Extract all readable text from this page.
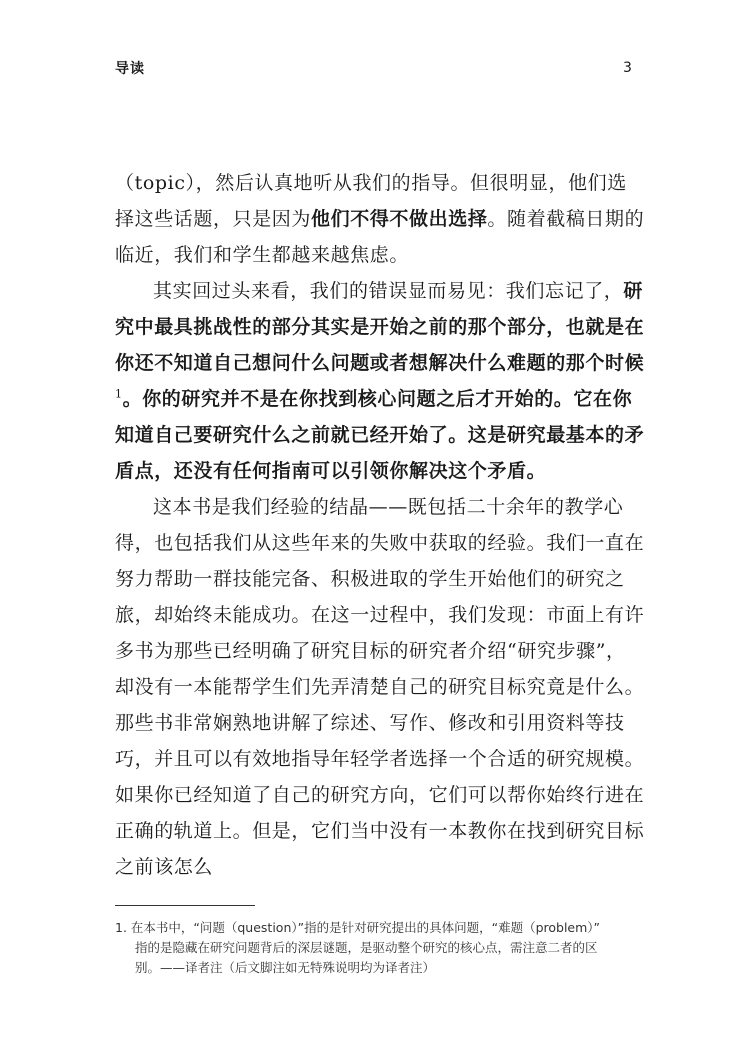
导读	3

（topic），然后认真地听从我们的指导。但很明显，他们选择这些话题，只是因为他们不得不做出选择。随着截稿日期的临近，我们和学生都越来越焦虑。

其实回过头来看，我们的错误显而易见：我们忘记了，研究中最具挑战性的部分其实是开始之前的那个部分，也就是在你还不知道自己想问什么问题或者想解决什么难题的那个时候$^1$。你的研究并不是在你找到核心问题之后才开始的。它在你知道自己要研究什么之前就已经开始了。这是研究最基本的矛盾点，还没有任何指南可以引领你解决这个矛盾。

这本书是我们经验的结晶——既包括二十余年的教学心得，也包括我们从这些年来的失败中获取的经验。我们一直在努力帮助一群技能完备、积极进取的学生开始他们的研究之旅，却始终未能成功。在这一过程中，我们发现：市面上有许多书为那些已经明确了研究目标的研究者介绍“研究步骤”，却没有一本能帮学生们先弄清楚自己的研究目标究竟是什么。那些书非常娴熟地讲解了综述、写作、修改和引用资料等技巧，并且可以有效地指导年轻学者选择一个合适的研究规模。如果你已经知道了自己的研究方向，它们可以帮你始终行进在正确的轨道上。但是，它们当中没有一本教你在找到研究目标之前该怎么

1. 在本书中，“问题（question）”指的是针对研究提出的具体问题，“难题（problem）”
指的是隐藏在研究问题背后的深层谜题，是驱动整个研究的核心点，需注意二者的区
别。——译者注（后文脚注如无特殊说明均为译者注）
